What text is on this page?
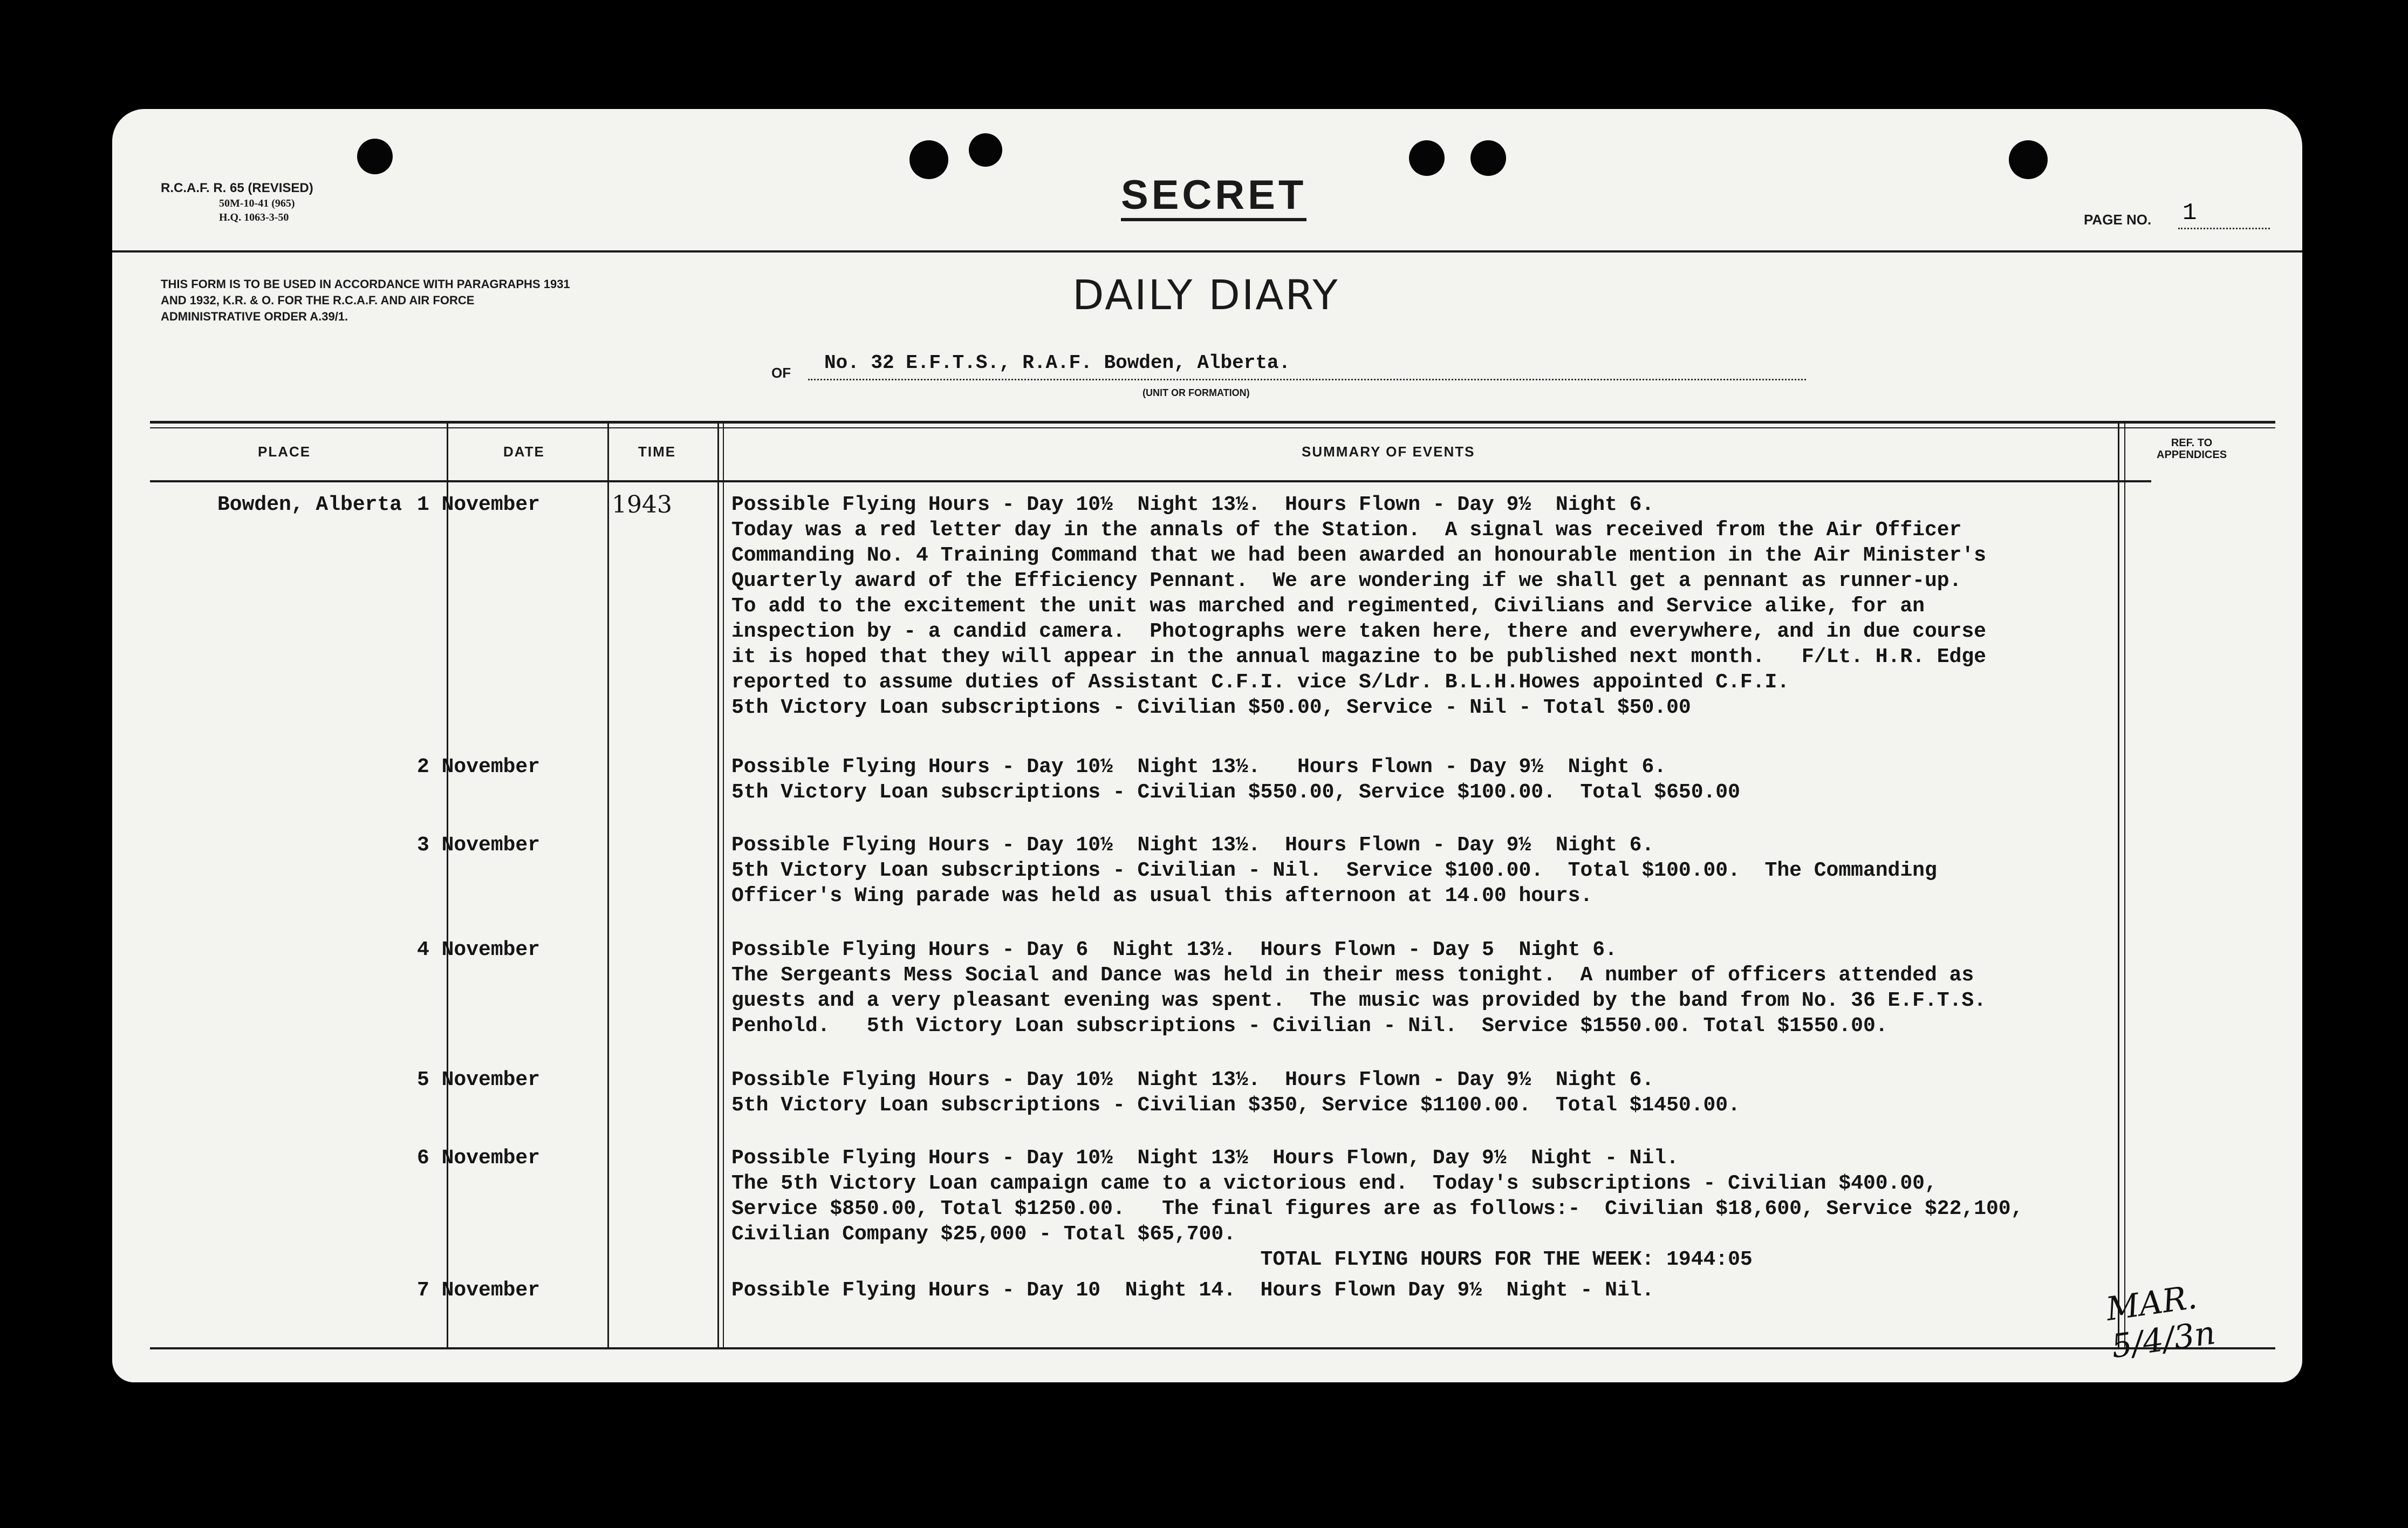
R.C.A.F. R. 65 (REVISED)
50M-10-41 (965)
H.Q. 1063-3-50	SECRET
PAGE NO. 1
THIS FORM IS TO BE USED IN ACCORDANCE WITH PARAGRAPHS 1931 AND 1932, K.R. & O. FOR THE R.C.A.F. AND AIR FORCE ADMINISTRATIVE ORDER A.39/1.	DAILY DIARY
OF No. 32 E.F.T.S., R.A.F. Bowden, Alberta.
(UNIT OR FORMATION)
PLACE	DATE	TIME	SUMMARY OF EVENTS
REF. TO APPENDICES
Bowden, Alberta 1 November	1943	Possible Flying Hours - Day 10½  Night 13½.  Hours Flown - Day 9½  Night 6.
Today was a red letter day in the annals of the Station.  A signal was received from the Air Officer
Commanding No. 4 Training Command that we had been awarded an honourable mention in the Air Minister's
Quarterly award of the Efficiency Pennant.  We are wondering if we shall get a pennant as runner-up.
To add to the excitement the unit was marched and regimented, Civilians and Service alike, for an
inspection by - a candid camera.  Photographs were taken here, there and everywhere, and in due course
it is hoped that they will appear in the annual magazine to be published next month.   F/Lt. H.R. Edge
reported to assume duties of Assistant C.F.I. vice S/Ldr. B.L.H.Howes appointed C.F.I.
5th Victory Loan subscriptions - Civilian $50.00, Service - Nil - Total $50.00
2 November	Possible Flying Hours - Day 10½  Night 13½.   Hours Flown - Day 9½  Night 6.
5th Victory Loan subscriptions - Civilian $550.00, Service $100.00.  Total $650.00
3 November	Possible Flying Hours - Day 10½  Night 13½.  Hours Flown - Day 9½  Night 6.
5th Victory Loan subscriptions - Civilian - Nil.  Service $100.00.  Total $100.00.  The Commanding
Officer's Wing parade was held as usual this afternoon at 14.00 hours.
4 November	Possible Flying Hours - Day 6  Night 13½.  Hours Flown - Day 5  Night 6.
The Sergeants Mess Social and Dance was held in their mess tonight.  A number of officers attended as
guests and a very pleasant evening was spent.  The music was provided by the band from No. 36 E.F.T.S.
Penhold.   5th Victory Loan subscriptions - Civilian - Nil.  Service $1550.00. Total $1550.00.
5 November	Possible Flying Hours - Day 10½  Night 13½.  Hours Flown - Day 9½  Night 6.
5th Victory Loan subscriptions - Civilian $350, Service $1100.00.  Total $1450.00.
6 November	Possible Flying Hours - Day 10½  Night 13½  Hours Flown, Day 9½  Night - Nil.
The 5th Victory Loan campaign came to a victorious end.  Today's subscriptions - Civilian $400.00,
Service $850.00, Total $1250.00.   The final figures are as follows:-  Civilian $18,600, Service $22,100,
Civilian Company $25,000 - Total $65,700.
TOTAL FLYING HOURS FOR THE WEEK: 1944:05
7 November	Possible Flying Hours - Day 10  Night 14.  Hours Flown Day 9½  Night - Nil.	MAR. 5/4/3n
